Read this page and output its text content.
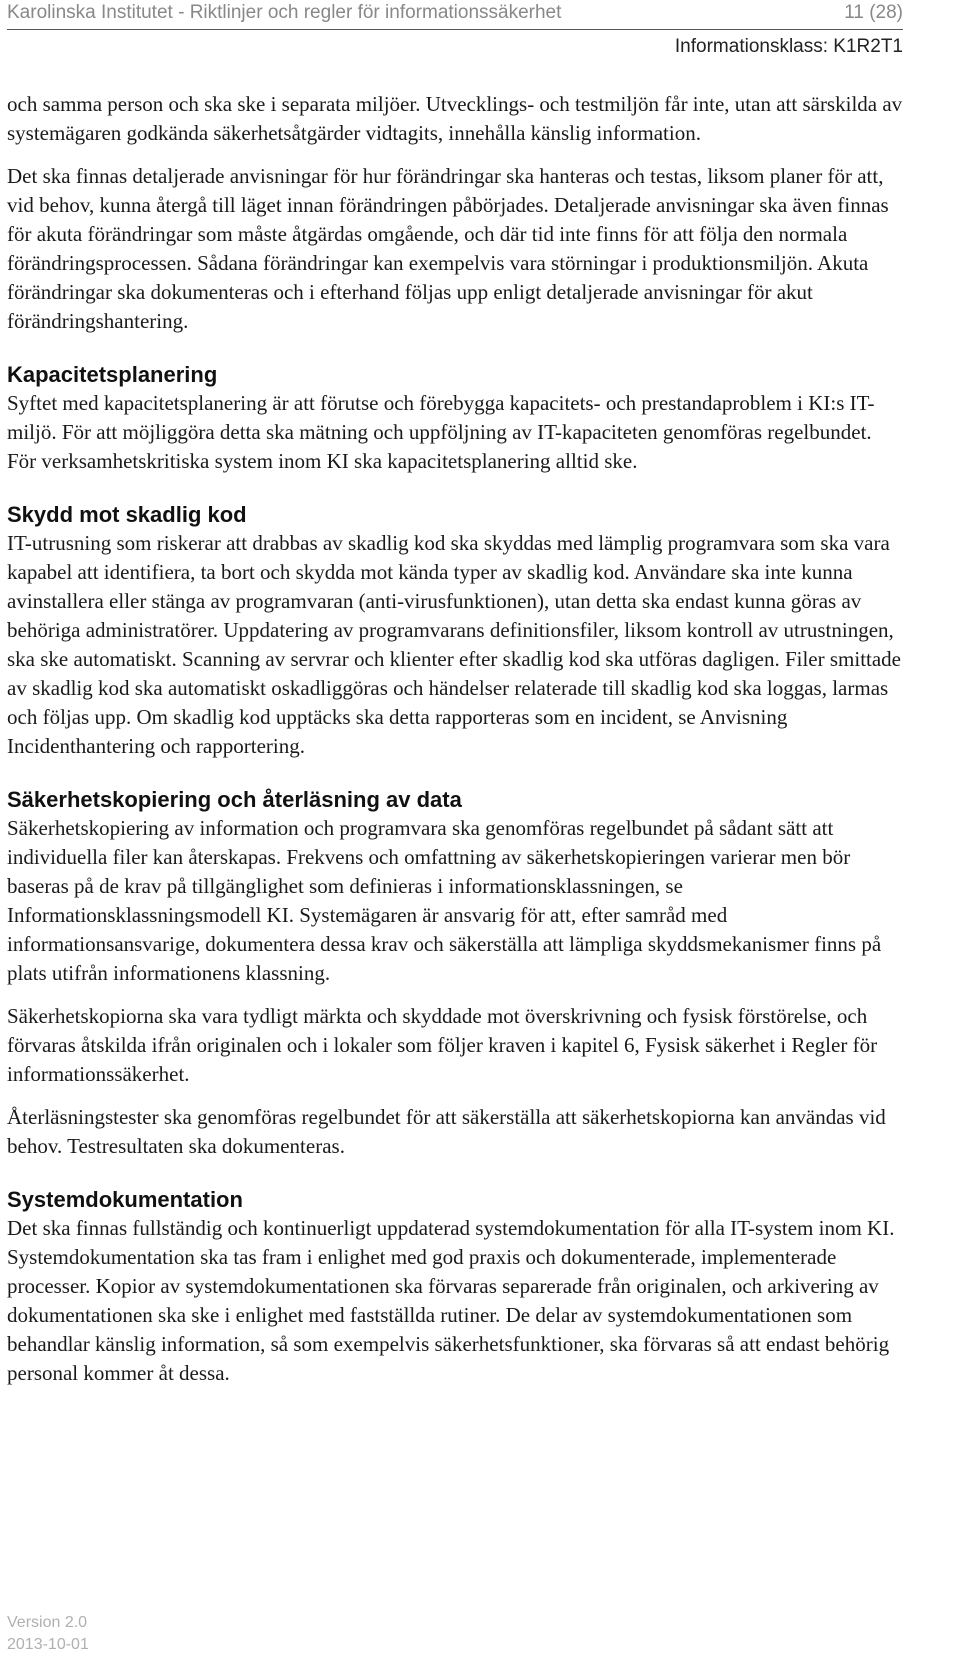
Karolinska Institutet - Riktlinjer och regler för informationssäkerhet	11 (28)
Informationsklass: K1R2T1

och samma person och ska ske i separata miljöer. Utvecklings- och testmiljön får inte, utan att särskilda av systemägaren godkända säkerhetsåtgärder vidtagits, innehålla känslig information.

Det ska finnas detaljerade anvisningar för hur förändringar ska hanteras och testas, liksom planer för att, vid behov, kunna återgå till läget innan förändringen påbörjades. Detaljerade anvisningar ska även finnas för akuta förändringar som måste åtgärdas omgående, och där tid inte finns för att följa den normala förändringsprocessen. Sådana förändringar kan exempelvis vara störningar i produktionsmiljön. Akuta förändringar ska dokumenteras och i efterhand följas upp enligt detaljerade anvisningar för akut förändringshantering.

Kapacitetsplanering

Syftet med kapacitetsplanering är att förutse och förebygga kapacitets- och prestandaproblem i KI:s IT-miljö. För att möjliggöra detta ska mätning och uppföljning av IT-kapaciteten genomföras regelbundet. För verksamhetskritiska system inom KI ska kapacitetsplanering alltid ske.

Skydd mot skadlig kod

IT-utrusning som riskerar att drabbas av skadlig kod ska skyddas med lämplig programvara som ska vara kapabel att identifiera, ta bort och skydda mot kända typer av skadlig kod. Användare ska inte kunna avinstallera eller stänga av programvaran (anti-virusfunktionen), utan detta ska endast kunna göras av behöriga administratörer. Uppdatering av programvarans definitionsfiler, liksom kontroll av utrustningen, ska ske automatiskt. Scanning av servrar och klienter efter skadlig kod ska utföras dagligen. Filer smittade av skadlig kod ska automatiskt oskadliggöras och händelser relaterade till skadlig kod ska loggas, larmas och följas upp. Om skadlig kod upptäcks ska detta rapporteras som en incident, se Anvisning Incidenthantering och rapportering.

Säkerhetskopiering och återläsning av data

Säkerhetskopiering av information och programvara ska genomföras regelbundet på sådant sätt att individuella filer kan återskapas. Frekvens och omfattning av säkerhetskopieringen varierar men bör baseras på de krav på tillgänglighet som definieras i informationsklassningen, se Informationsklassningsmodell KI. Systemägaren är ansvarig för att, efter samråd med informationsansvarige, dokumentera dessa krav och säkerställa att lämpliga skyddsmekanismer finns på plats utifrån informationens klassning.

Säkerhetskopiorna ska vara tydligt märkta och skyddade mot överskrivning och fysisk förstörelse, och förvaras åtskilda ifrån originalen och i lokaler som följer kraven i kapitel 6, Fysisk säkerhet i Regler för informationssäkerhet.

Återläsningstester ska genomföras regelbundet för att säkerställa att säkerhetskopiorna kan användas vid behov. Testresultaten ska dokumenteras.

Systemdokumentation

Det ska finnas fullständig och kontinuerligt uppdaterad systemdokumentation för alla IT-system inom KI. Systemdokumentation ska tas fram i enlighet med god praxis och dokumenterade, implementerade processer. Kopior av systemdokumentationen ska förvaras separerade från originalen, och arkivering av dokumentationen ska ske i enlighet med fastställda rutiner. De delar av systemdokumentationen som behandlar känslig information, så som exempelvis säkerhetsfunktioner, ska förvaras så att endast behörig personal kommer åt dessa.

Version 2.0
2013-10-01
